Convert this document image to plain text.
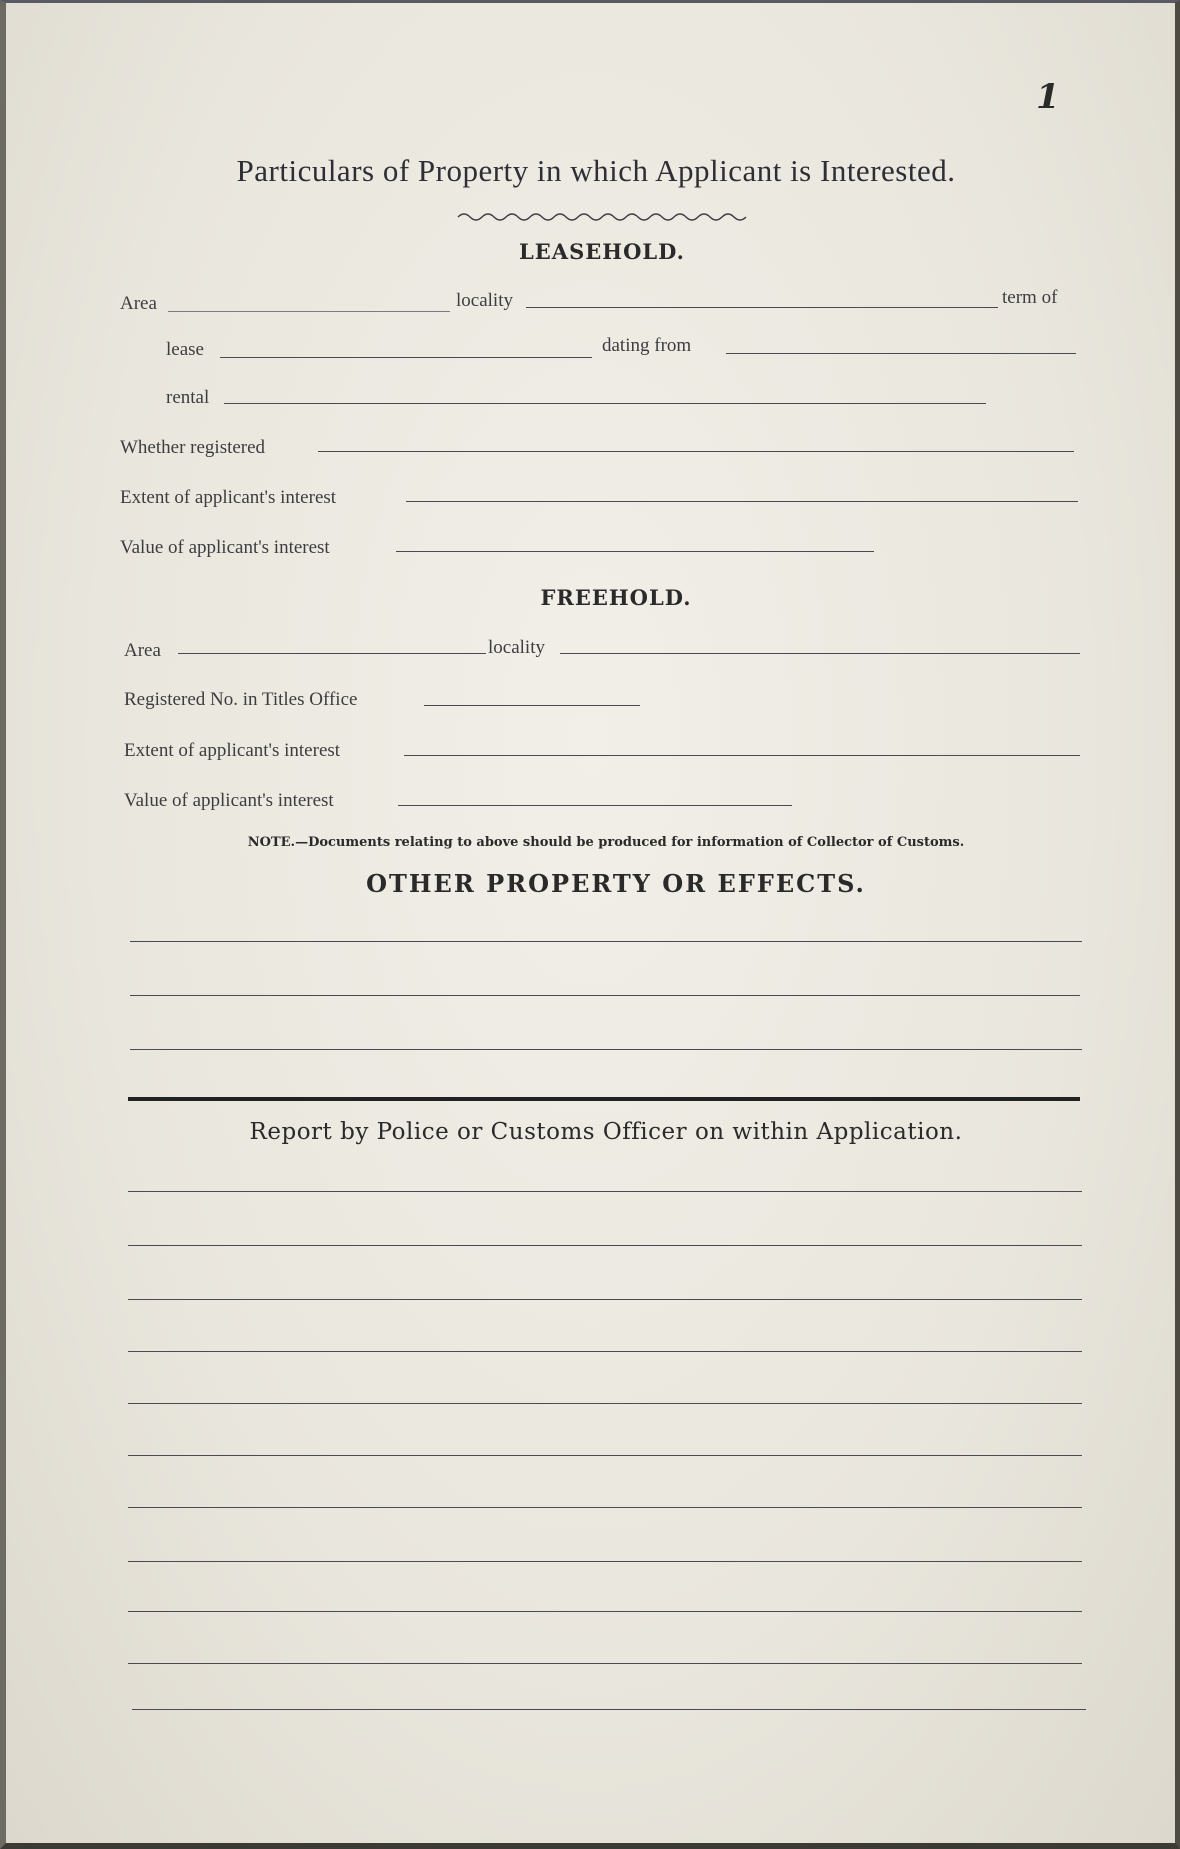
1
Particulars of Property in which Applicant is Interested.
LEASEHOLD.
Area	locality	term of
lease	dating from
rental
Whether registered
Extent of applicant's interest
Value of applicant's interest
FREEHOLD.
Area	locality
Registered No. in Titles Office
Extent of applicant's interest
Value of applicant's interest
NOTE.—Documents relating to above should be produced for information of Collector of Customs.
OTHER PROPERTY OR EFFECTS.
Report by Police or Customs Officer on within Application.
